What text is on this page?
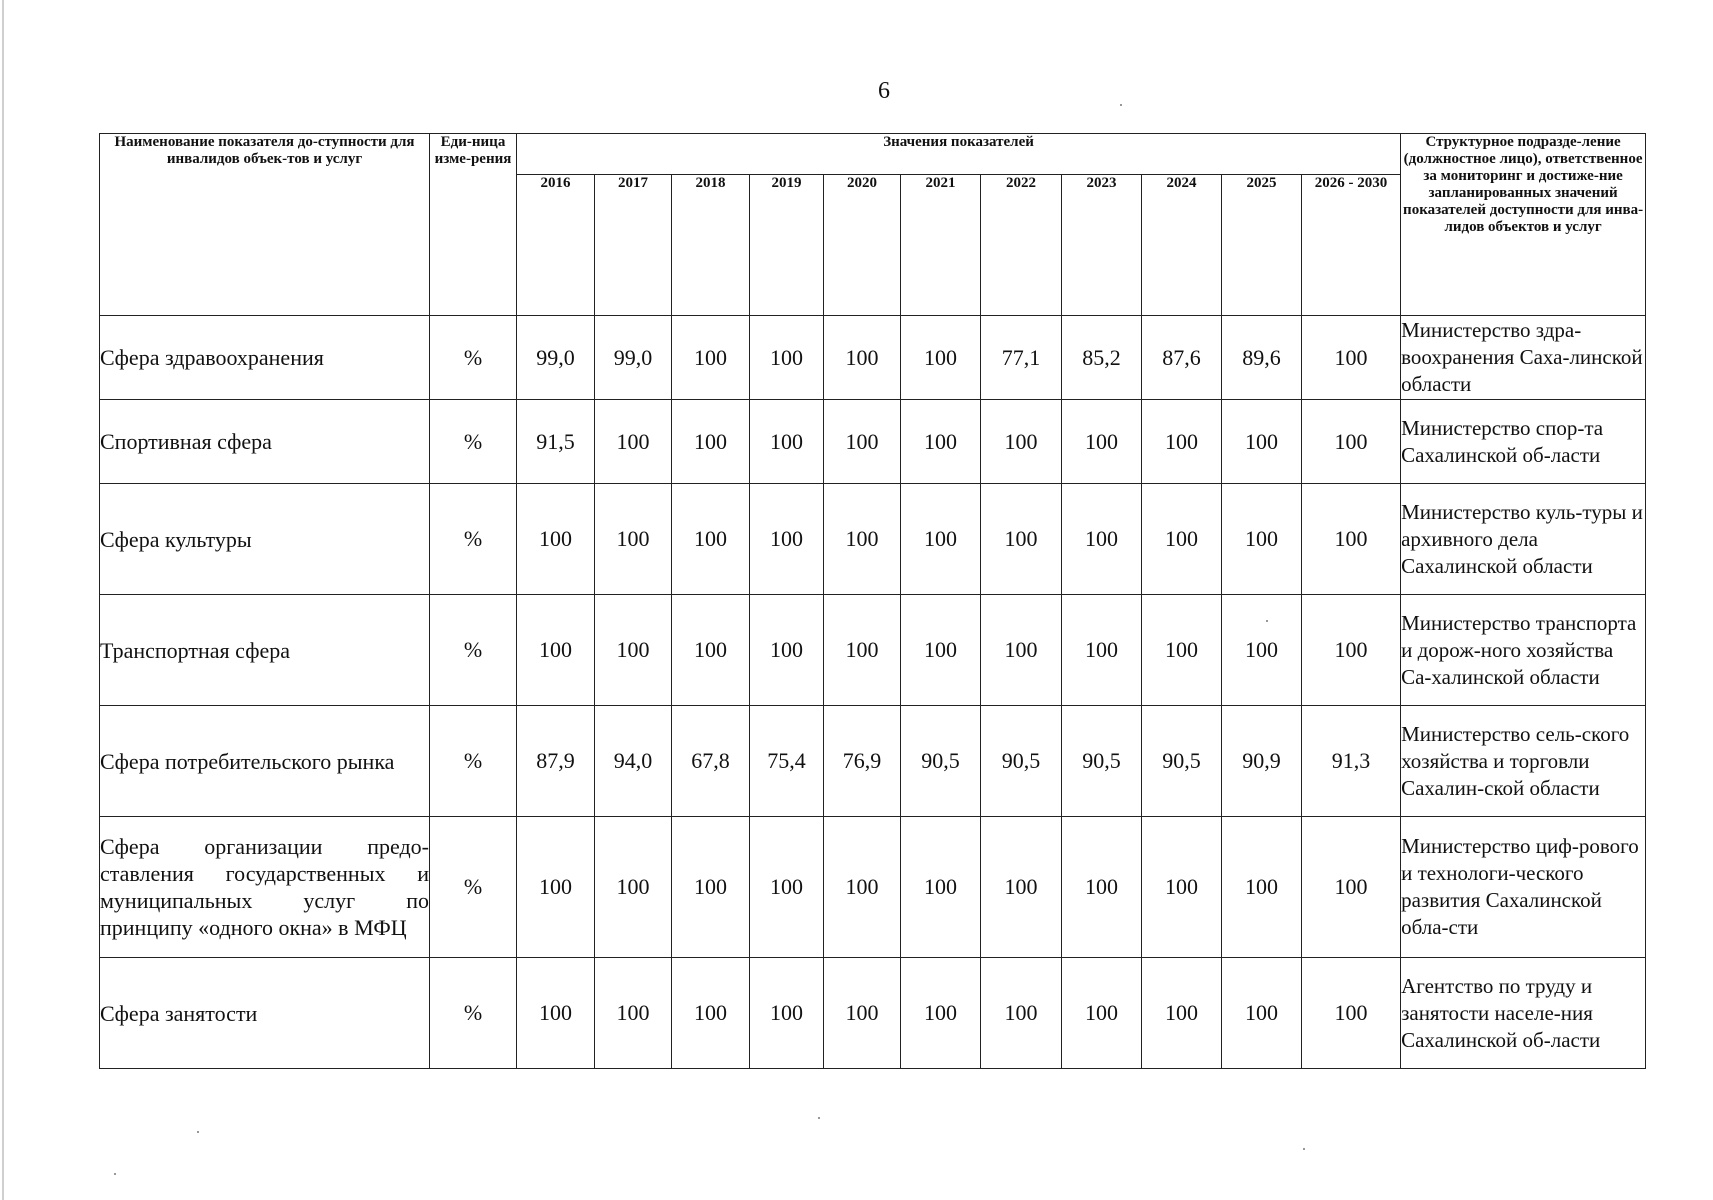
6
Наименование показателя до-ступности для инвалидов объек-тов и услуг	Еди-ница изме-рения	Значения показателей											Структурное подразде-ление (должностное лицо), ответственное за мониторинг и достиже-ние запланированных значений показателей доступности для инва-лидов объектов и услуг
		2016	2017	2018	2019	2020	2021	2022	2023	2024	2025	2026 - 2030	
Сфера здравоохранения	%	99,0	99,0	100	100	100	100	77,1	85,2	87,6	89,6	100	Министерство здра-воохранения Саха-линской области
Спортивная сфера	%	91,5	100	100	100	100	100	100	100	100	100	100	Министерство спор-та Сахалинской об-ласти
Сфера культуры	%	100	100	100	100	100	100	100	100	100	100	100	Министерство куль-туры и архивного дела Сахалинской области
Транспортная сфера	%	100	100	100	100	100	100	100	100	100	100	100	Министерство транспорта и дорож-ного хозяйства Са-халинской области
Сфера потребительского рынка	%	87,9	94,0	67,8	75,4	76,9	90,5	90,5	90,5	90,5	90,9	91,3	Министерство сель-ского хозяйства и торговли Сахалин-ской области
Сфера организации предо-ставления государственных и муниципальных услуг по принципу «одного окна» в МФЦ	%	100	100	100	100	100	100	100	100	100	100	100	Министерство циф-рового и технологи-ческого развития Сахалинской обла-сти
Сфера занятости	%	100	100	100	100	100	100	100	100	100	100	100	Агентство по труду и занятости населе-ния Сахалинской об-ласти
